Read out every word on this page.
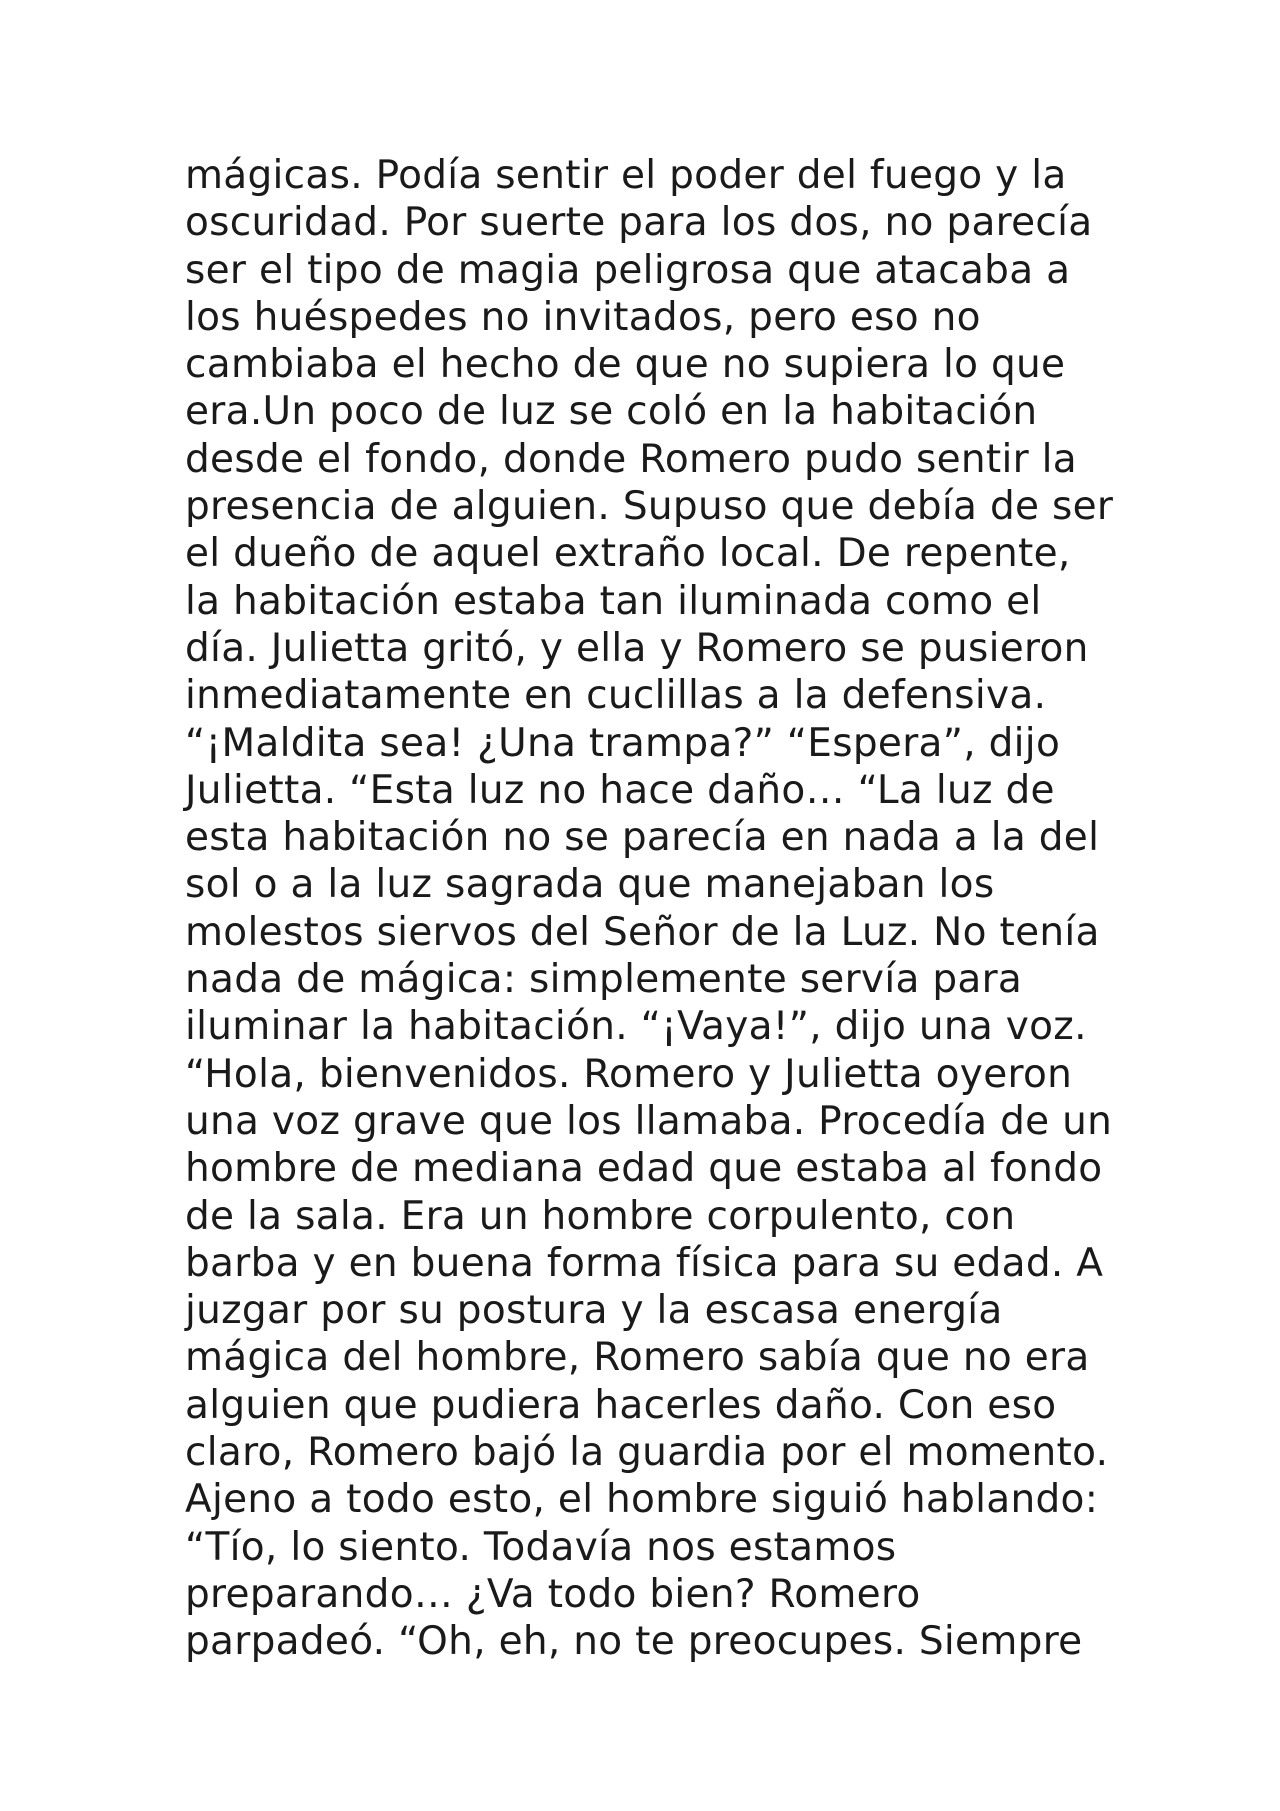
mágicas. Podía sentir el poder del fuego y la
oscuridad. Por suerte para los dos, no parecía
ser el tipo de magia peligrosa que atacaba a
los huéspedes no invitados, pero eso no
cambiaba el hecho de que no supiera lo que
era.Un poco de luz se coló en la habitación
desde el fondo, donde Romero pudo sentir la
presencia de alguien. Supuso que debía de ser
el dueño de aquel extraño local. De repente,
la habitación estaba tan iluminada como el
día. Julietta gritó, y ella y Romero se pusieron
inmediatamente en cuclillas a la defensiva.
“¡Maldita sea! ¿Una trampa?” “Espera”, dijo
Julietta. “Esta luz no hace daño… “La luz de
esta habitación no se parecía en nada a la del
sol o a la luz sagrada que manejaban los
molestos siervos del Señor de la Luz. No tenía
nada de mágica: simplemente servía para
iluminar la habitación. “¡Vaya!”, dijo una voz.
“Hola, bienvenidos. Romero y Julietta oyeron
una voz grave que los llamaba. Procedía de un
hombre de mediana edad que estaba al fondo
de la sala. Era un hombre corpulento, con
barba y en buena forma física para su edad. A
juzgar por su postura y la escasa energía
mágica del hombre, Romero sabía que no era
alguien que pudiera hacerles daño. Con eso
claro, Romero bajó la guardia por el momento.
Ajeno a todo esto, el hombre siguió hablando:
“Tío, lo siento. Todavía nos estamos
preparando… ¿Va todo bien? Romero
parpadeó. “Oh, eh, no te preocupes. Siempre
